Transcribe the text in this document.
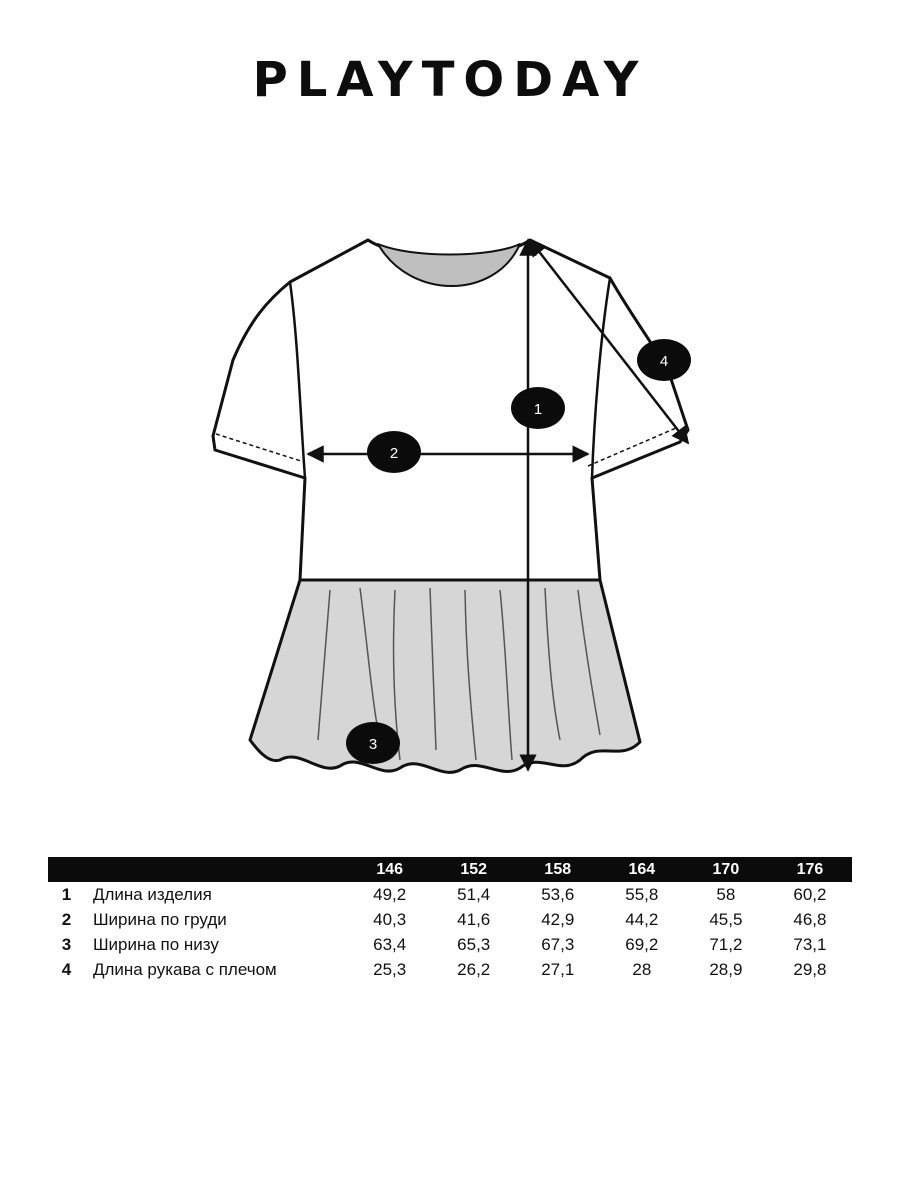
PLAYTODAY
1
2
3
4
		146	152	158	164	170	176
1	Длина изделия	49,2	51,4	53,6	55,8	58	60,2
2	Ширина по груди	40,3	41,6	42,9	44,2	45,5	46,8
3	Ширина по низу	63,4	65,3	67,3	69,2	71,2	73,1
4	Длина рукава с плечом	25,3	26,2	27,1	28	28,9	29,8
